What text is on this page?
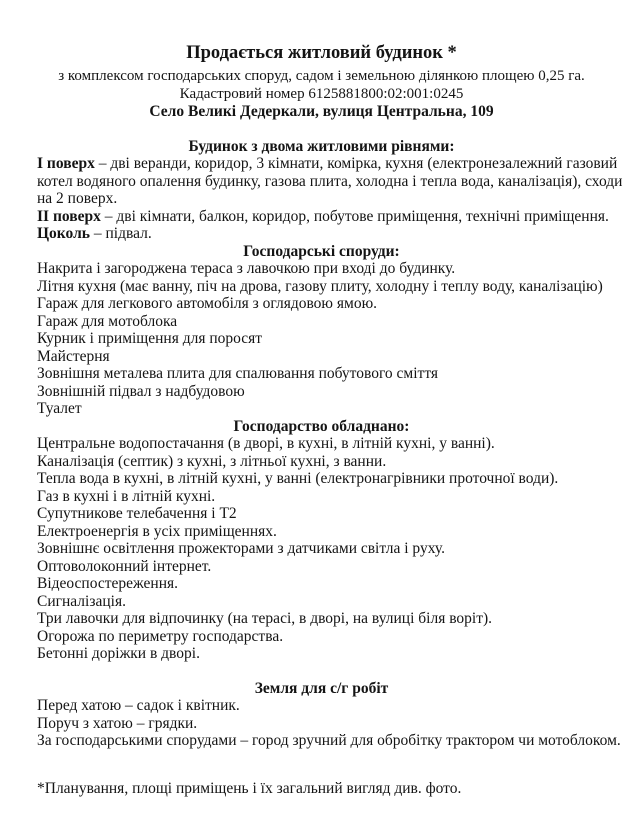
Продається житловий будинок *
з комплексом господарських споруд, садом і земельною ділянкою площею 0,25 га.
Кадастровий номер 6125881800:02:001:0245
Село Великі Дедеркали, вулиця Центральна, 109
Будинок з двома житловими рівнями:
I поверх – дві веранди, коридор, 3 кімнати, комірка, кухня (електронезалежний газовий
котел водяного опалення будинку, газова плита, холодна і тепла вода, каналізація), сходи
на 2 поверх.
II поверх – дві кімнати, балкон, коридор, побутове приміщення, технічні приміщення.
Цоколь – підвал.
Господарські споруди:
Накрита і загороджена тераса з лавочкою при вході до будинку.
Літня кухня (має ванну, піч на дрова, газову плиту, холодну і теплу воду, каналізацію)
Гараж для легкового автомобіля з оглядовою ямою.
Гараж для мотоблока
Курник і приміщення для поросят
Майстерня
Зовнішня металева плита для спалювання побутового сміття
Зовнішній підвал з надбудовою
Туалет
Господарство обладнано:
Центральне водопостачання (в дворі, в кухні, в літній кухні, у ванні).
Каналізація (септик) з кухні, з літньої кухні, з ванни.
Тепла вода в кухні, в літній кухні, у ванні (електронагрівники проточної води).
Газ в кухні і в літній кухні.
Супутникове телебачення і Т2
Електроенергія в усіх приміщеннях.
Зовнішнє освітлення прожекторами з датчиками світла і руху.
Оптоволоконний інтернет.
Відеоспостереження.
Сигналізація.
Три лавочки для відпочинку (на терасі, в дворі, на вулиці біля воріт).
Огорожа по периметру господарства.
Бетонні доріжки в дворі.
Земля для с/г робіт
Перед хатою – садок і квітник.
Поруч з хатою – грядки.
За господарськими спорудами – город зручний для обробітку трактором чи мотоблоком.
*Планування, площі приміщень і їх загальний вигляд див. фото.
